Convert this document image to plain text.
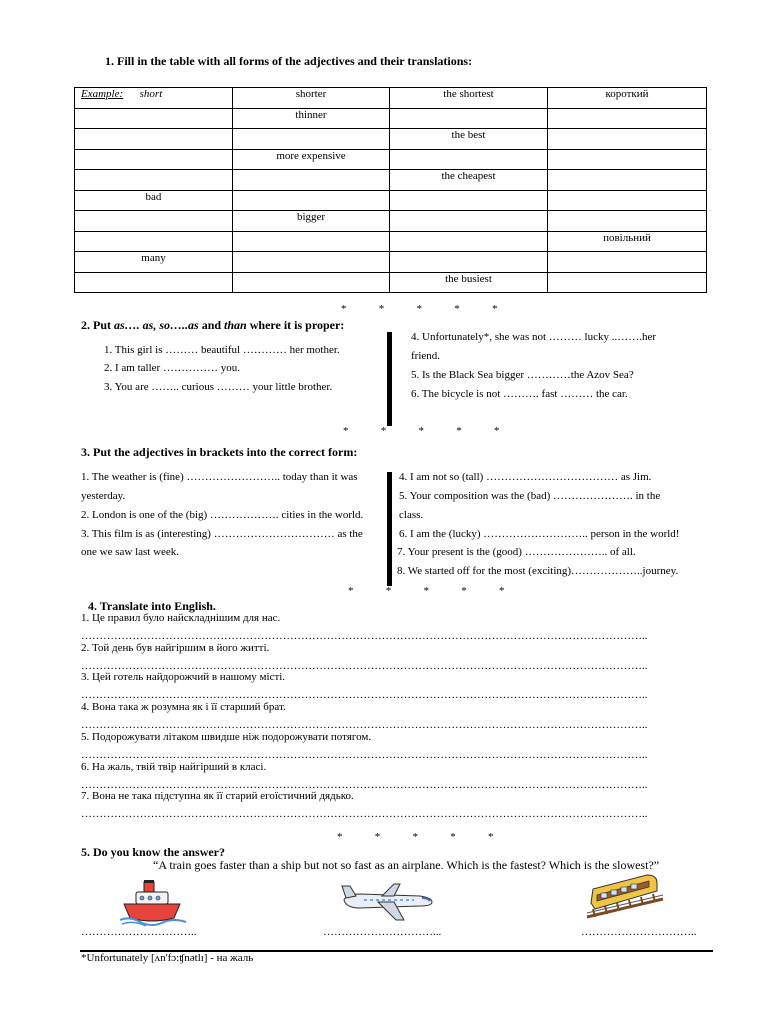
1. Fill in the table with all forms of the adjectives and their translations:
Example: short	shorter	the shortest	короткий
	thinner		
		the best	
	more expensive		
		the cheapest	
bad			
	bigger		
			повільний
many			
		the busiest	
*   *   *   *   *
2. Put as…. as, so…..as and than where it is proper:
1. This girl is ……… beautiful ………… her mother.
2. I am taller …………… you.
3. You are …….. curious ……… your little brother.
4. Unfortunately*, she was not ……… lucky ..…….her
friend.
5. Is the Black Sea bigger …………the Azov Sea?
6. The bicycle is not ………. fast ……… the car.
*   *   *   *   *
3. Put the adjectives in brackets into the correct form:
1. The weather is (fine) …………………….. today than it was
yesterday.
2. London is one of the (big) ………………. cities in the world.
3. This film is as (interesting) …………………………… as the
one we saw last week.
4. I am not so (tall) ……………………………… as Jim.
5. Your composition was the (bad) …………………. in the
class.
6. I am the (lucky) ……………………….. person in the world!
7. Your present is the (good) ………………….. of all.
8. We started off for the most (exciting)………………..journey.
*   *   *   *   *
4. Translate into English.
1. Це правил було найскладнішим для нас.
………………………………………………………………………………………………………………………………………..
2. Той день був найгіршим в його житті.
………………………………………………………………………………………………………………………………………..
3. Цей готель найдорожчий в нашому місті.
………………………………………………………………………………………………………………………………………..
4. Вона така ж розумна як і її старший брат.
………………………………………………………………………………………………………………………………………..
5. Подорожувати літаком швидше ніж подорожувати потягом.
………………………………………………………………………………………………………………………………………..
6. На жаль, твій твір найгірший в класі.
………………………………………………………………………………………………………………………………………..
7. Вона не така підступна як її старий егоїстичний дядько.
………………………………………………………………………………………………………………………………………..
*   *   *   *   *
5. Do you know the answer?
“A train goes faster than a ship but not so fast as an airplane. Which is the fastest? Which is the slowest?”
…………………………..	…………………………...	…………………………..
*Unfortunately [ʌn'fɔ:ʧnətlɪ] - на жаль
